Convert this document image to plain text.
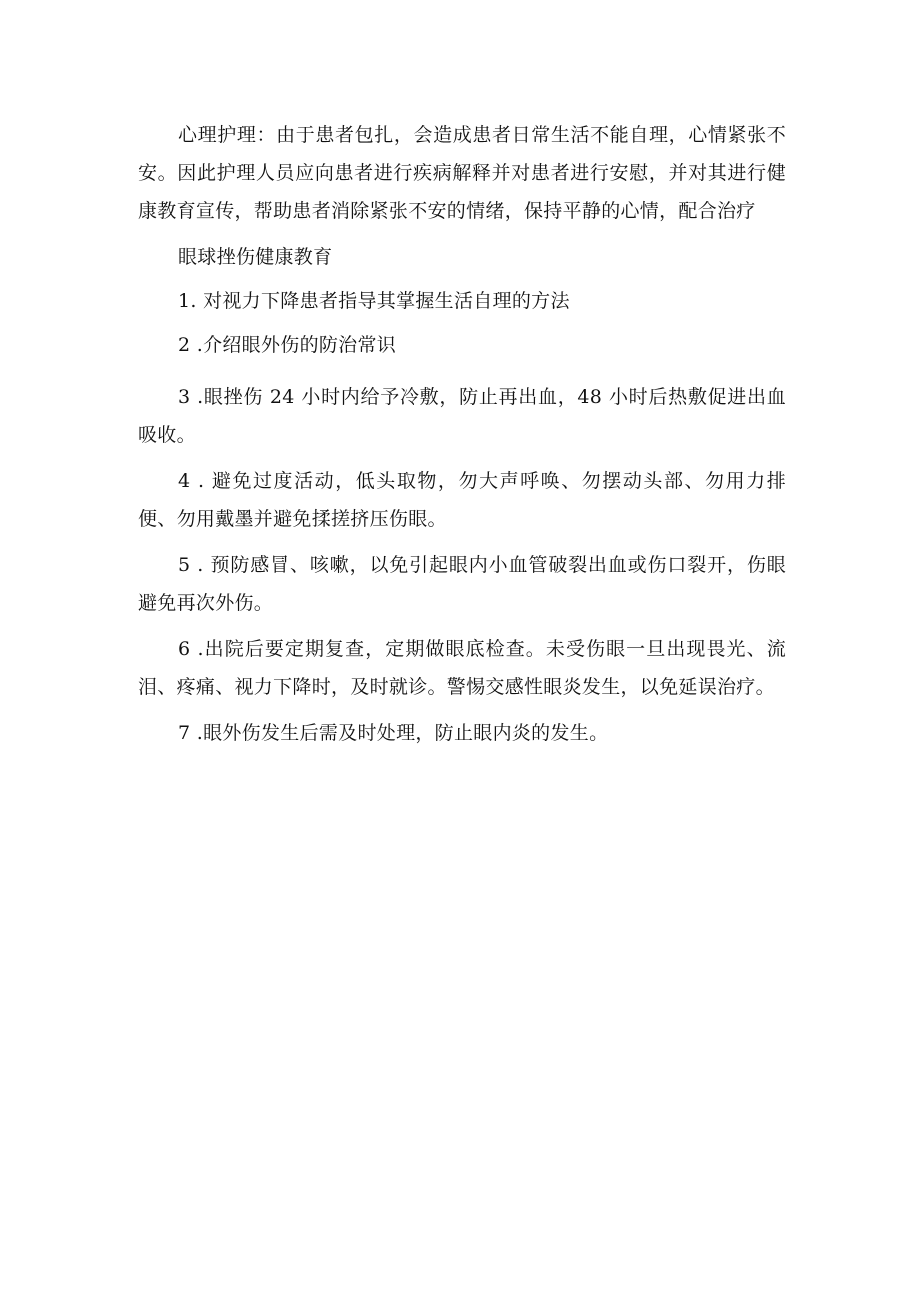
心理护理：由于患者包扎，会造成患者日常生活不能自理，心情紧张不安。因此护理人员应向患者进行疾病解释并对患者进行安慰，并对其进行健康教育宣传，帮助患者消除紧张不安的情绪，保持平静的心情，配合治疗

眼球挫伤健康教育

1. 对视力下降患者指导其掌握生活自理的方法

2 .介绍眼外伤的防治常识

3 .眼挫伤 24 小时内给予冷敷，防止再出血，48 小时后热敷促进出血吸收。

4 . 避免过度活动，低头取物，勿大声呼唤、勿摆动头部、勿用力排便、勿用戴墨并避免揉搓挤压伤眼。

5 . 预防感冒、咳嗽，以免引起眼内小血管破裂出血或伤口裂开，伤眼避免再次外伤。

6 .出院后要定期复查，定期做眼底检查。未受伤眼一旦出现畏光、流泪、疼痛、视力下降时，及时就诊。警惕交感性眼炎发生，以免延误治疗。

7 .眼外伤发生后需及时处理，防止眼内炎的发生。
